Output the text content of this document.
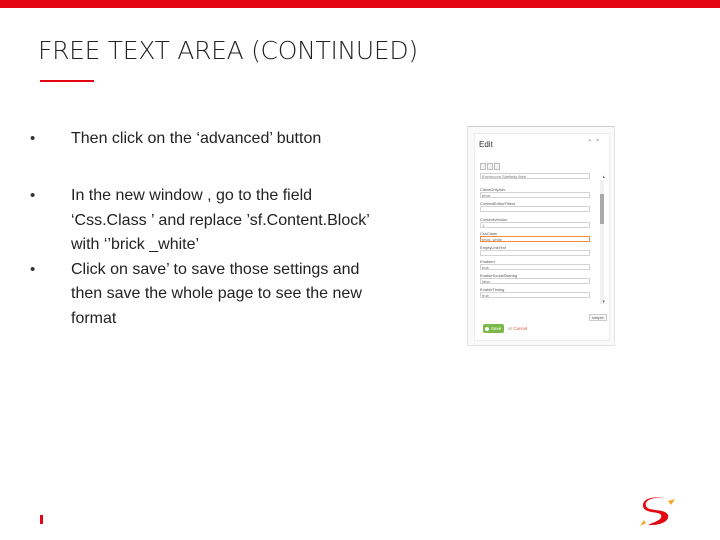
FREE TEXT AREA (CONTINUED)

• Then click on the ‘advanced’ button

• In the new window , go to the field ‘Css.Class ’ and replace ’sf.Content.Block’ with ‘’brick _white’

• Click on save’ to save those settings and then save the whole page to see the new format

Edit	• ×
Envirocom.Sitefinity.Web
ClientOnlyAdv
brick
ContentEditorFilters
ContentVersion
1
CssClass
brick_white
EmptyLinkText
Enabled
true
EnableSocialSharing
false
EnableTiming
true
▴
▾
simple
Save	or Cancel
